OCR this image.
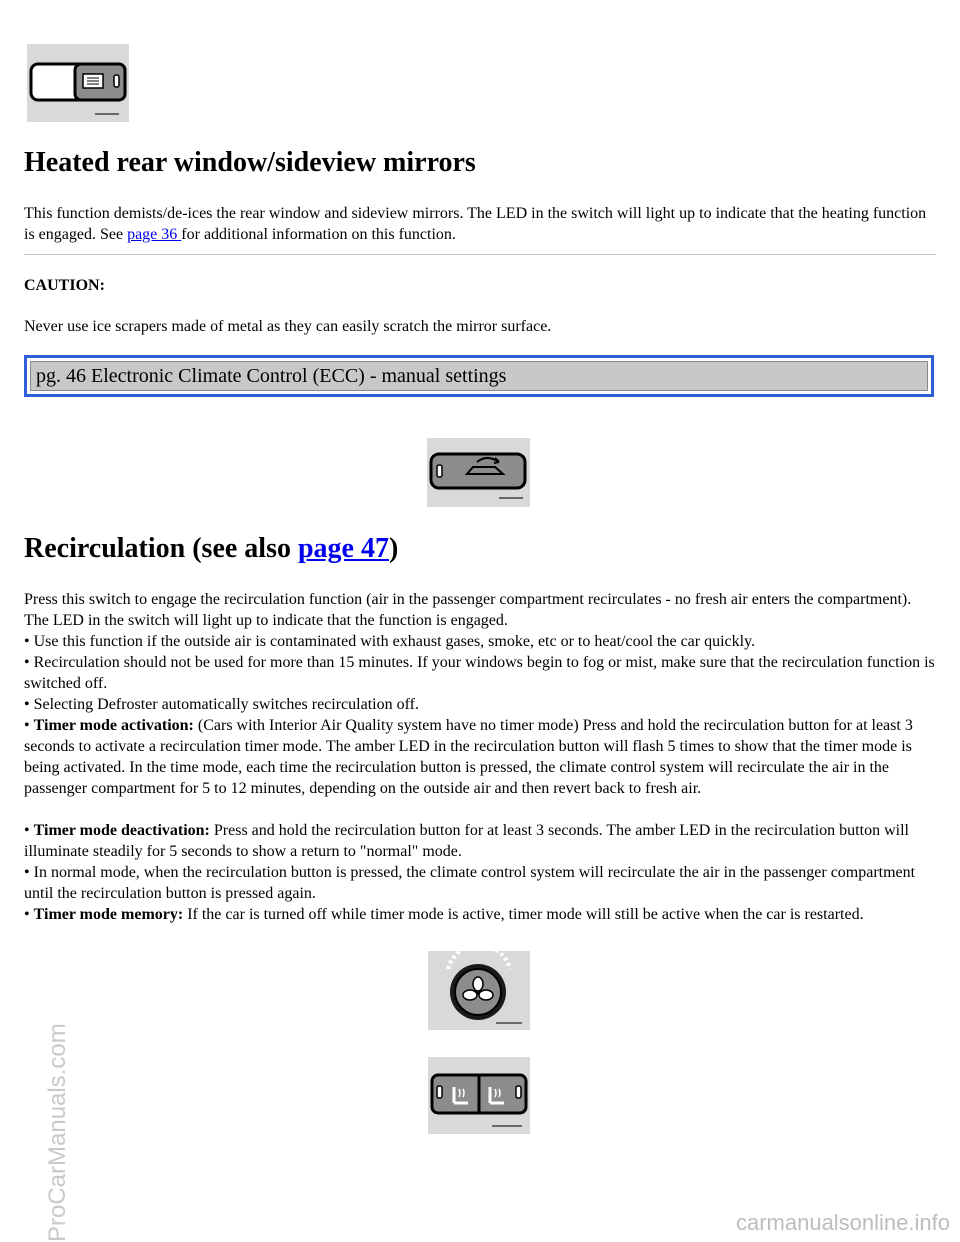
Heated rear window/sideview mirrors

This function demists/de-ices the rear window and sideview mirrors. The LED in the switch will light up to indicate that the heating function is engaged. See page 36 for additional information on this function.

CAUTION:

Never use ice scrapers made of metal as they can easily scratch the mirror surface.

pg. 46 Electronic Climate Control (ECC) - manual settings
Recirculation (see also page 47)

Press this switch to engage the recirculation function (air in the passenger compartment recirculates - no fresh air enters the compartment). The LED in the switch will light up to indicate that the function is engaged.

• Use this function if the outside air is contaminated with exhaust gases, smoke, etc or to heat/cool the car quickly.

• Recirculation should not be used for more than 15 minutes. If your windows begin to fog or mist, make sure that the recirculation function is switched off.

• Selecting Defroster automatically switches recirculation off.

• Timer mode activation: (Cars with Interior Air Quality system have no timer mode) Press and hold the recirculation button for at least 3 seconds to activate a recirculation timer mode. The amber LED in the recirculation button will flash 5 times to show that the timer mode is being activated. In the time mode, each time the recirculation button is pressed, the climate control system will recirculate the air in the passenger compartment for 5 to 12 minutes, depending on the outside air and then revert back to fresh air.

• Timer mode deactivation: Press and hold the recirculation button for at least 3 seconds. The amber LED in the recirculation button will illuminate steadily for 5 seconds to show a return to "normal" mode.

• In normal mode, when the recirculation button is pressed, the climate control system will recirculate the air in the passenger compartment until the recirculation button is pressed again.

• Timer mode memory: If the car is turned off while timer mode is active, timer mode will still be active when the car is restarted.

ProCarManuals.com	carmanualsonline.info
